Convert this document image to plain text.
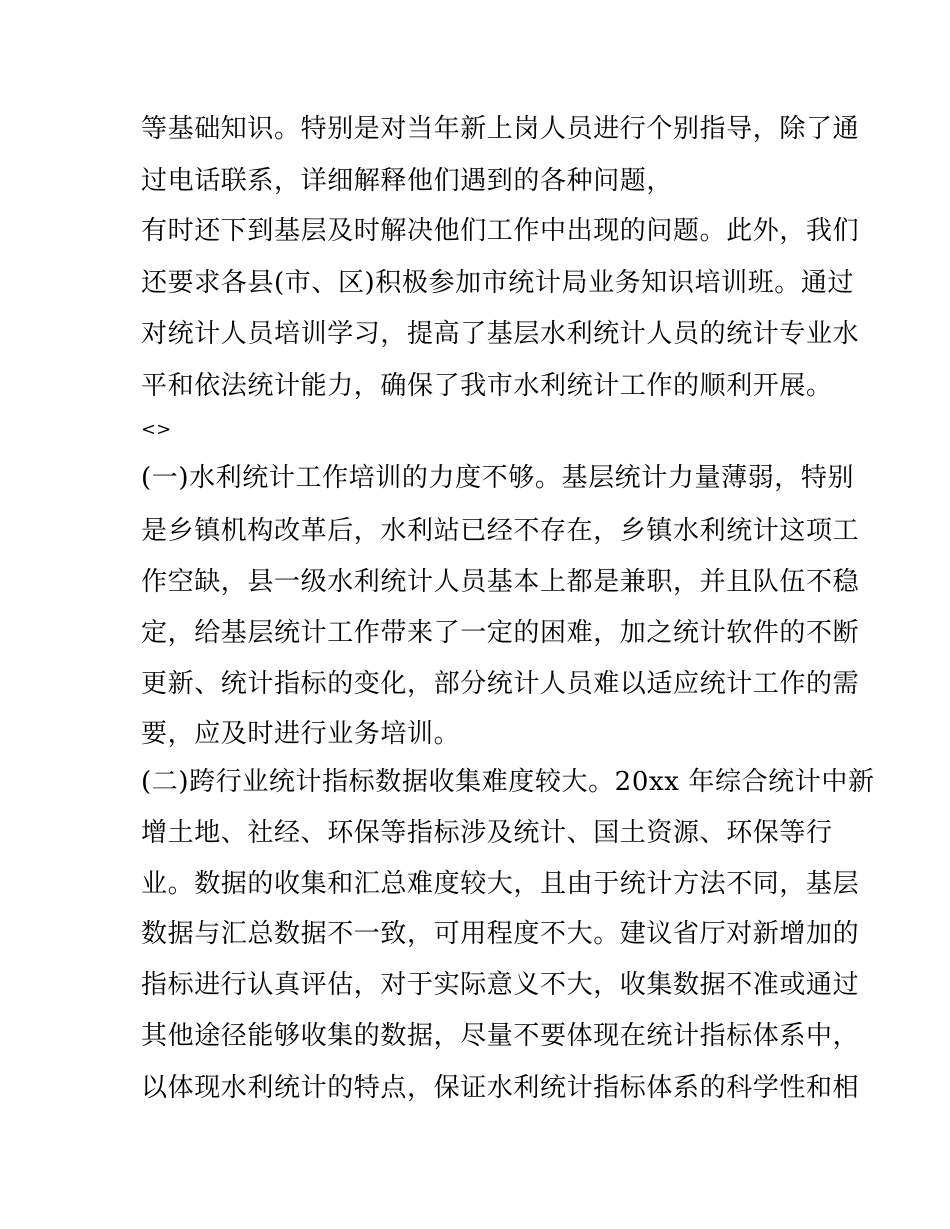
等基础知识。特别是对当年新上岗人员进行个别指导，除了通
过电话联系，详细解释他们遇到的各种问题，
有时还下到基层及时解决他们工作中出现的问题。此外，我们
还要求各县(市、区)积极参加市统计局业务知识培训班。通过
对统计人员培训学习，提高了基层水利统计人员的统计专业水
平和依法统计能力，确保了我市水利统计工作的顺利开展。
<>
(一)水利统计工作培训的力度不够。基层统计力量薄弱，特别
是乡镇机构改革后，水利站已经不存在，乡镇水利统计这项工
作空缺，县一级水利统计人员基本上都是兼职，并且队伍不稳
定，给基层统计工作带来了一定的困难，加之统计软件的不断
更新、统计指标的变化，部分统计人员难以适应统计工作的需
要，应及时进行业务培训。
(二)跨行业统计指标数据收集难度较大。20xx 年综合统计中新
增土地、社经、环保等指标涉及统计、国土资源、环保等行
业。数据的收集和汇总难度较大，且由于统计方法不同，基层
数据与汇总数据不一致，可用程度不大。建议省厅对新增加的
指标进行认真评估，对于实际意义不大，收集数据不准或通过
其他途径能够收集的数据，尽量不要体现在统计指标体系中，
以体现水利统计的特点，保证水利统计指标体系的科学性和相
